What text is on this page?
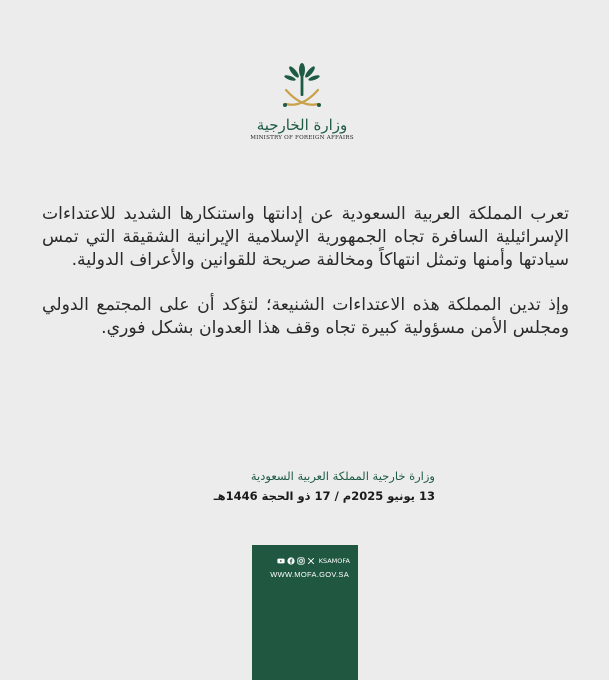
وزارة الخارجية
MINISTRY OF FOREIGN AFFAIRS

تعرب المملكة العربية السعودية عن إدانتها واستنكارها الشديد للاعتداءات الإسرائيلية السافرة تجاه الجمهورية الإسلامية الإيرانية الشقيقة التي تمس سيادتها وأمنها وتمثل انتهاكاً ومخالفة صريحة للقوانين والأعراف الدولية.

وإذ تدين المملكة هذه الاعتداءات الشنيعة؛ لتؤكد أن على المجتمع الدولي ومجلس الأمن مسؤولية كبيرة تجاه وقف هذا العدوان بشكل فوري.

وزارة خارجية المملكة العربية السعودية
13 يونيو 2025م / 17 ذو الحجة 1446هـ
KSAMOFA
WWW.MOFA.GOV.SA
